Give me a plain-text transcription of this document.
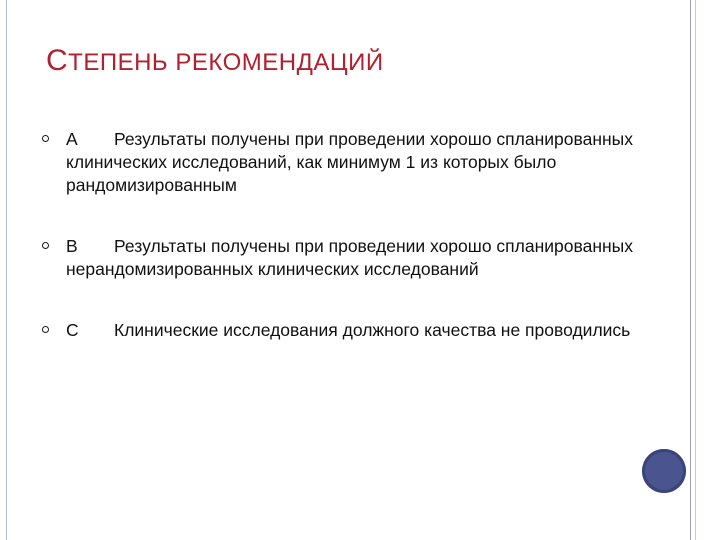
СТЕПЕНЬ РЕКОМЕНДАЦИЙ
А Результаты получены при проведении хорошо спланированных клинических исследований, как минимум 1 из которых было рандомизированным
В Результаты получены при проведении хорошо спланированных нерандомизированных клинических исследований
С Клинические исследования должного качества не проводились
